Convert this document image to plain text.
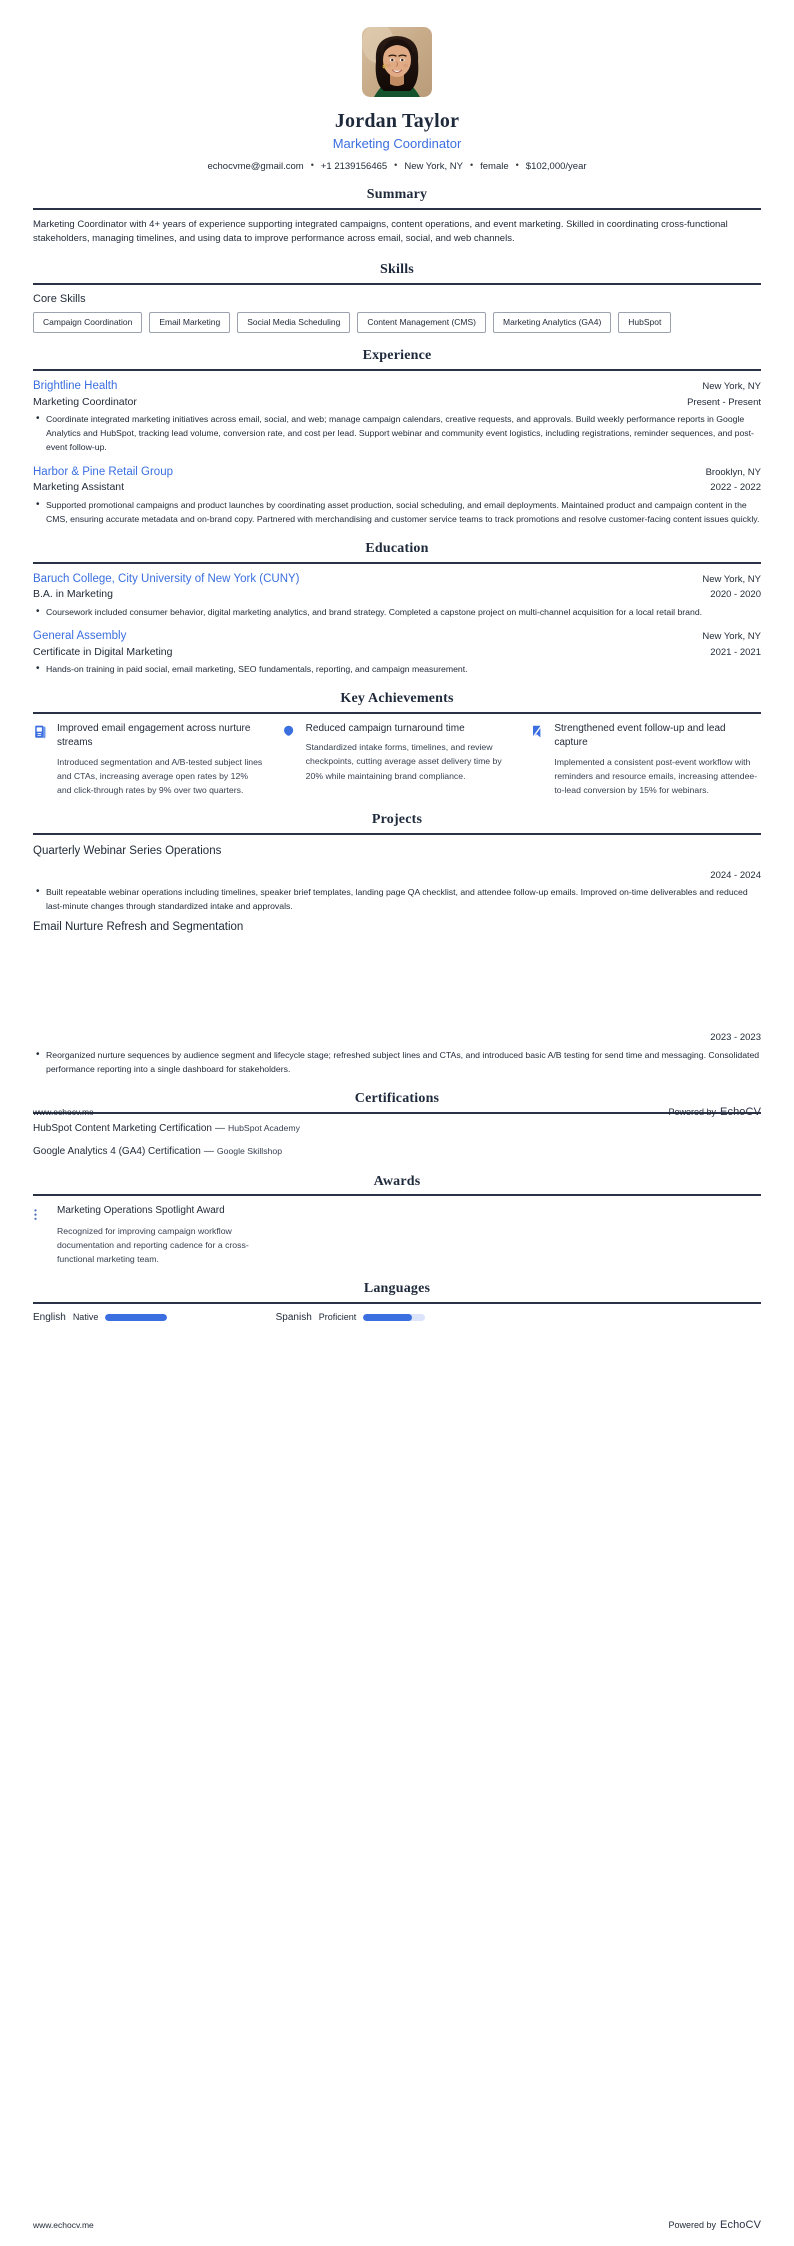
Jordan Taylor
Marketing Coordinator
echocvme@gmail.com • +1 2139156465 • New York, NY • female • $102,000/year
Summary
Marketing Coordinator with 4+ years of experience supporting integrated campaigns, content operations, and event marketing. Skilled in coordinating cross-functional stakeholders, managing timelines, and using data to improve performance across email, social, and web channels.
Skills
Core Skills
Campaign Coordination	Email Marketing	Social Media Scheduling	Content Management (CMS)	Marketing Analytics (GA4)	HubSpot
Experience
Brightline Health	New York, NY
Marketing Coordinator	Present - Present
• Coordinate integrated marketing initiatives across email, social, and web; manage campaign calendars, creative requests, and approvals. Build weekly performance reports in Google Analytics and HubSpot, tracking lead volume, conversion rate, and cost per lead. Support webinar and community event logistics, including registrations, reminder sequences, and post-event follow-up.
Harbor & Pine Retail Group	Brooklyn, NY
Marketing Assistant	2022 - 2022
• Supported promotional campaigns and product launches by coordinating asset production, social scheduling, and email deployments. Maintained product and campaign content in the CMS, ensuring accurate metadata and on-brand copy. Partnered with merchandising and customer service teams to track promotions and resolve customer-facing content issues quickly.
Education
Baruch College, City University of New York (CUNY)	New York, NY
B.A. in Marketing	2020 - 2020
• Coursework included consumer behavior, digital marketing analytics, and brand strategy. Completed a capstone project on multi-channel acquisition for a local retail brand.
General Assembly	New York, NY
Certificate in Digital Marketing	2021 - 2021
• Hands-on training in paid social, email marketing, SEO fundamentals, reporting, and campaign measurement.
Key Achievements
Improved email engagement across nurture streams
Introduced segmentation and A/B-tested subject lines and CTAs, increasing average open rates by 12% and click-through rates by 9% over two quarters.
Reduced campaign turnaround time
Standardized intake forms, timelines, and review checkpoints, cutting average asset delivery time by 20% while maintaining brand compliance.
Strengthened event follow-up and lead capture
Implemented a consistent post-event workflow with reminders and resource emails, increasing attendee-to-lead conversion by 15% for webinars.
Projects
Quarterly Webinar Series Operations
2024 - 2024
• Built repeatable webinar operations including timelines, speaker brief templates, landing page QA checklist, and attendee follow-up emails. Improved on-time deliverables and reduced last-minute changes through standardized intake and approvals.
Email Nurture Refresh and Segmentation
2023 - 2023
• Reorganized nurture sequences by audience segment and lifecycle stage; refreshed subject lines and CTAs, and introduced basic A/B testing for send time and messaging. Consolidated performance reporting into a single dashboard for stakeholders.
Certifications
HubSpot Content Marketing Certification — HubSpot Academy
Google Analytics 4 (GA4) Certification — Google Skillshop
Awards
Marketing Operations Spotlight Award
Recognized for improving campaign workflow documentation and reporting cadence for a cross-functional marketing team.
Languages
English Native	Spanish Proficient
www.echocv.me	Powered by EchoCV
www.echocv.me	Powered by EchoCV
